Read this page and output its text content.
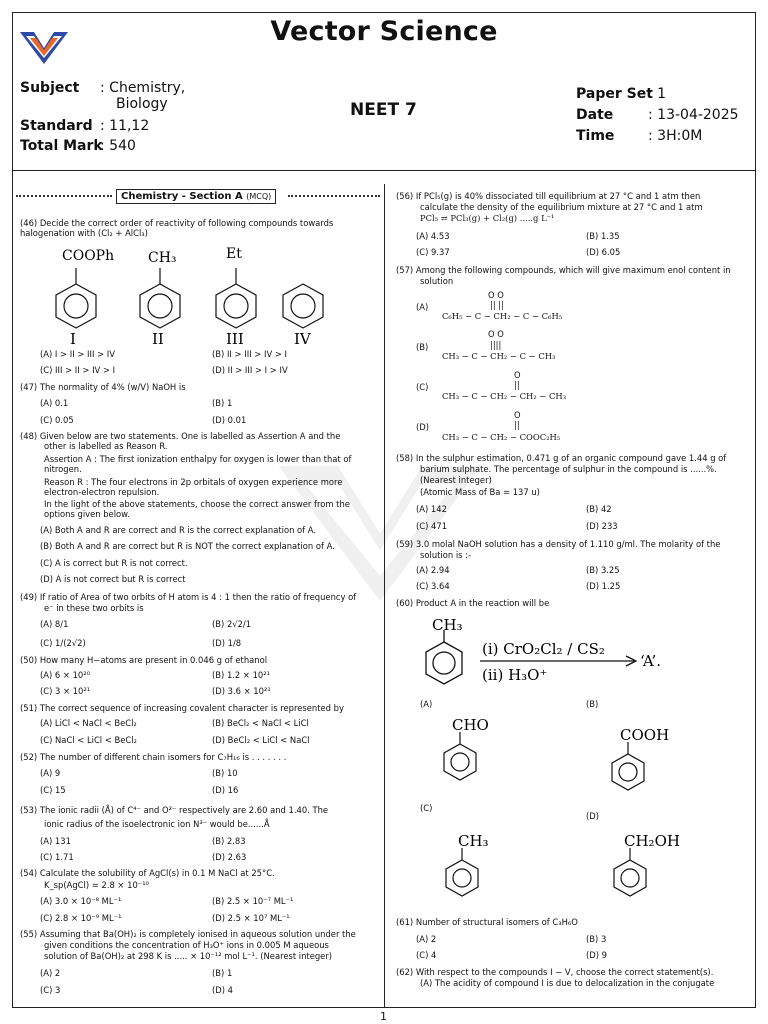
Vector Science
Subject : Chemistry,
Biology
Standard : 11,12
Total Mark
: 540
NEET 7
Paper Set
: 1
Date : 13-04-2025
Time : 3H:0M
Chemistry - Section A (MCQ)
(46) Decide the correct order of reactivity of following compounds towards halogenation with (Cl₂ + AlCl₃)
COOPh CH₃	Et
I	II	III	IV
(A) I > II > III > IV	(B) II > III > IV > I
(C) III > II > IV > I	(D) II > III > I > IV
(47) The normality of 4% (w/V) NaOH is
(A) 0.1	(B) 1
(C) 0.05	(D) 0.01
(48) Given below are two statements. One is labelled as Assertion A and the
other is labelled as Reason R.
Assertion A : The first ionization enthalpy for oxygen is lower than that of
nitrogen.
Reason R : The four electrons in 2p orbitals of oxygen experience more
electron-electron repulsion.
In the light of the above statements, choose the correct answer from the
options given below.
(A) Both A and R are correct and R is the correct explanation of A.
(B) Both A and R are correct but R is NOT the correct explanation of A.
(C) A is correct but R is not correct.
(D) A is not correct but R is correct
(49) If ratio of Area of two orbits of H atom is 4 : 1 then the ratio of frequency of
e⁻ in these two orbits is
(A) 8/1	(B) 2√2/1
(C) 1/(2√2)	(D) 1/8
(50) How many H−atoms are present in 0.046 g of ethanol
(A) 6 × 10²⁰	(B) 1.2 × 10²¹
(C) 3 × 10²¹	(D) 3.6 × 10²¹
(51) The correct sequence of increasing covalent character is represented by
(A) LiCl < NaCl < BeCl₂	(B) BeCl₂ < NaCl < LiCl
(C) NaCl < LiCl < BeCl₂	(D) BeCl₂ < LiCl < NaCl
(52) The number of different chain isomers for C₇H₁₆ is . . . . . . .
(A) 9	(B) 10
(C) 15	(D) 16
(53) The ionic radii (Å) of C⁴⁻ and O²⁻ respectively are 2.60 and 1.40. The
ionic radius of the isoelectronic ion N³⁻ would be......Å
(A) 131	(B) 2.83
(C) 1.71	(D) 2.63
(54) Calculate the solubility of AgCl(s) in 0.1 M NaCl at 25°C.
K_sp(AgCl) = 2.8 × 10⁻¹⁰
(A) 3.0 × 10⁻⁸ ML⁻¹	(B) 2.5 × 10⁻⁷ ML⁻¹
(C) 2.8 × 10⁻⁹ ML⁻¹	(D) 2.5 × 10⁷ ML⁻¹
(55) Assuming that Ba(OH)₂ is completely ionised in aqueous solution under the
given conditions the concentration of H₃O⁺ ions in 0.005 M aqueous
solution of Ba(OH)₂ at 298 K is ..... × 10⁻¹² mol L⁻¹. (Nearest integer)
(A) 2	(B) 1
(C) 3	(D) 4
(56) If PCl₅(g) is 40% dissociated till equilibrium at 27 °C and 1 atm then
calculate the density of the equilibrium mixture at 27 °C and 1 atm
PCl₅ ⇌ PCl₃(g) + Cl₂(g) .....g L⁻¹
(A) 4.53	(B) 1.35
(C) 9.37	(D) 6.05
(57) Among the following compounds, which will give maximum enol content in
solution
O O
|| ||
(A)
C₆H₅ − C − CH₂ − C − C₆H₅
O O
||||
(B)
CH₃ − C − CH₂ − C − CH₃
O
||
(C)
CH₃ − C − CH₂ − CH₂ − CH₃
O
||
(D)
CH₃ − C − CH₂ − COOC₂H₅
(58) In the sulphur estimation, 0.471 g of an organic compound gave 1.44 g of
barium sulphate. The percentage of sulphur in the compound is ......%.
(Nearest integer)
(Atomic Mass of Ba = 137 u)
(A) 142	(B) 42
(C) 471	(D) 233
(59) 3.0 molal NaOH solution has a density of 1.110 g/ml. The molarity of the
solution is :-
(A) 2.94	(B) 3.25
(C) 3.64	(D) 1.25
(60) Product A in the reaction will be
CH₃
(i) CrO₂Cl₂ / CS₂
(ii) H₃O⁺
‘A’.
(A)	(B)
CHO
COOH
(C)
(D)
CH₃	CH₂OH
(61) Number of structural isomers of C₃H₆O
(A) 2	(B) 3
(C) 4	(D) 9
(62) With respect to the compounds I − V, choose the correct statement(s).
(A) The acidity of compound I is due to delocalization in the conjugate
1
